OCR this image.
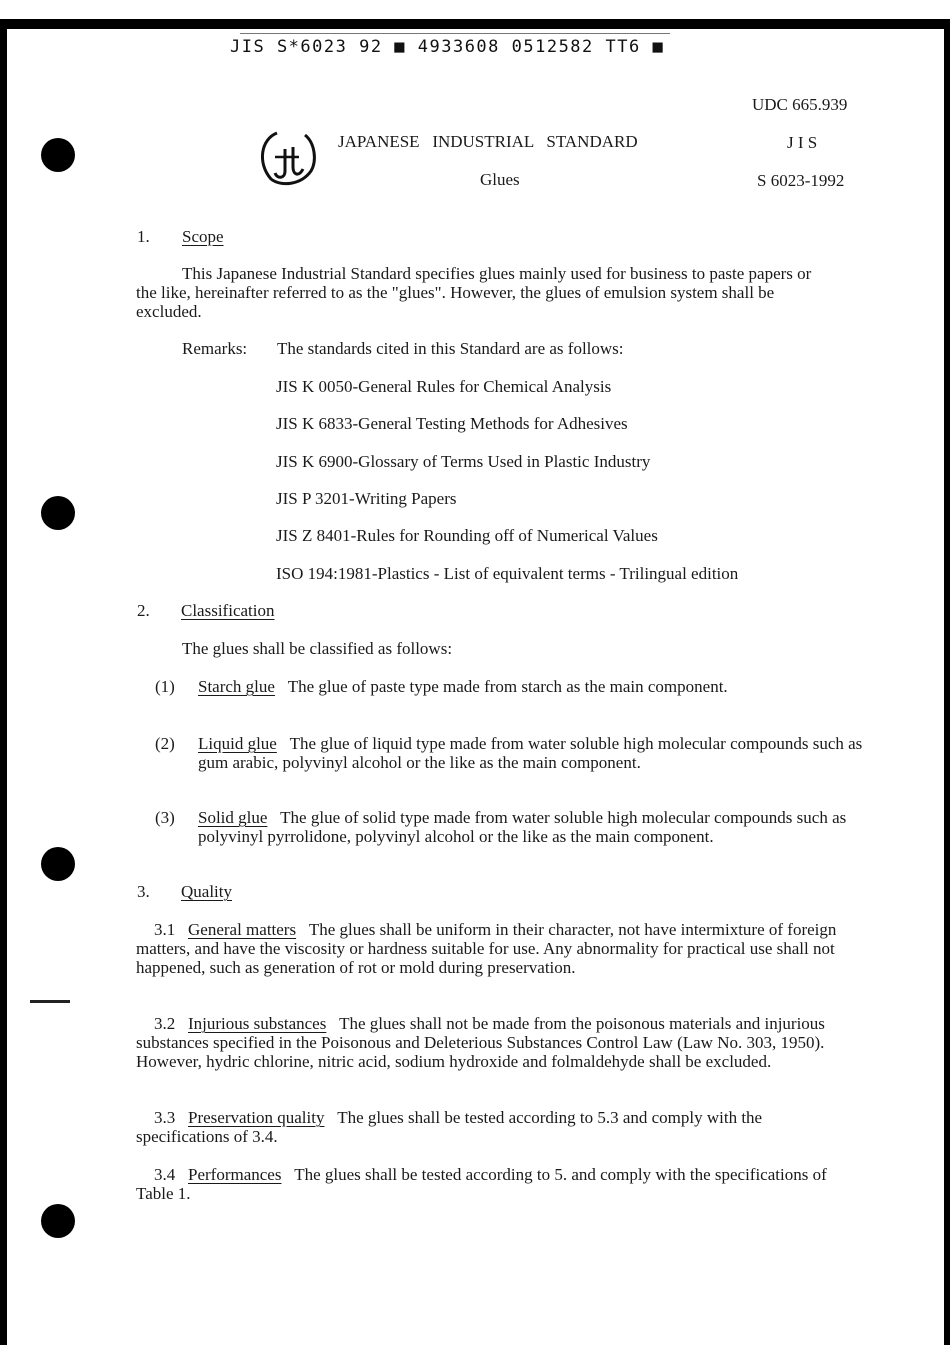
JIS S*6023 92 ■ 4933608 0512582 TT6 ■
UDC 665.939
JAPANESE   INDUSTRIAL   STANDARD	J I S
Glues	S 6023-1992
1. Scope
This Japanese Industrial Standard specifies glues mainly used for business to paste papers or the like, hereinafter referred to as the "glues". However, the glues of emulsion system shall be excluded.
Remarks: The standards cited in this Standard are as follows:
JIS K 0050-General Rules for Chemical Analysis
JIS K 6833-General Testing Methods for Adhesives
JIS K 6900-Glossary of Terms Used in Plastic Industry
JIS P 3201-Writing Papers
JIS Z 8401-Rules for Rounding off of Numerical Values
ISO 194:1981-Plastics - List of equivalent terms - Trilingual edition
2. Classification
The glues shall be classified as follows:
(1) Starch glue The glue of paste type made from starch as the main component.
(2) Liquid glue The glue of liquid type made from water soluble high molecular compounds such as gum arabic, polyvinyl alcohol or the like as the main component.
(3) Solid glue The glue of solid type made from water soluble high molecular compounds such as polyvinyl pyrrolidone, polyvinyl alcohol or the like as the main component.
3. Quality
3.1 General matters The glues shall be uniform in their character, not have intermixture of foreign matters, and have the viscosity or hardness suitable for use. Any abnormality for practical use shall not happened, such as generation of rot or mold during preservation.
3.2 Injurious substances The glues shall not be made from the poisonous materials and injurious substances specified in the Poisonous and Deleterious Substances Control Law (Law No. 303, 1950). However, hydric chlorine, nitric acid, sodium hydroxide and folmaldehyde shall be excluded.
3.3 Preservation quality The glues shall be tested according to 5.3 and comply with the specifications of 3.4.
3.4 Performances The glues shall be tested according to 5. and comply with the specifications of Table 1.
